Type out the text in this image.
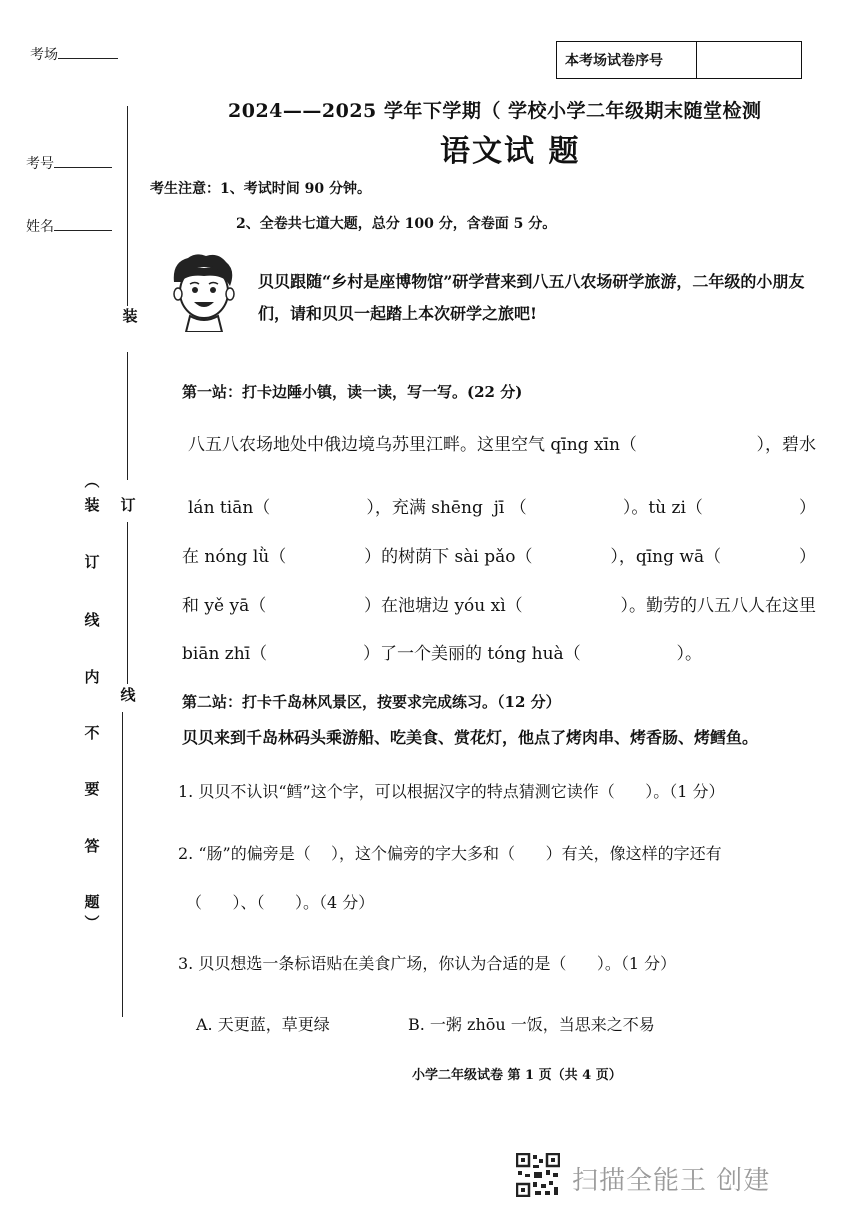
考场
考号
姓名
装
订
线
︵
装
订
线
内
不
要
答
题
︶
本考场试卷序号
2024——2025 学年下学期（ 学校小学二年级期末随堂检测
语文试 题
考生注意：1、考试时间 90 分钟。
2、全卷共七道大题，总分 100 分，含卷面 5 分。
贝贝跟随“乡村是座博物馆”研学营来到八五八农场研学旅游，二年级的小朋友们，请和贝贝一起踏上本次研学之旅吧!
第一站：打卡边陲小镇，读一读，写一写。(22 分)
八五八农场地处中俄边境乌苏里江畔。这里空气 qīng xīn（	），碧水
lán tiān（	），充满 shēng  jī （	）。tù zi（	）
在 nóng lǜ（	）的树荫下 sài pǎo（	），qīng wā（	）
和 yě yā（	）在池塘边 yóu xì（	）。勤劳的八五八人在这里
biān zhī（	）了一个美丽的 tóng huà（	）。
第二站：打卡千岛林风景区，按要求完成练习。（12 分）
贝贝来到千岛林码头乘游船、吃美食、赏花灯，他点了烤肉串、烤香肠、烤鳕鱼。
1. 贝贝不认识“鳕”这个字，可以根据汉字的特点猜测它读作（      ）。（1 分）
2. “肠”的偏旁是（    ），这个偏旁的字大多和（      ）有关，像这样的字还有
（      ）、（      ）。（4 分）
3. 贝贝想选一条标语贴在美食广场，你认为合适的是（      ）。（1 分）
A. 天更蓝，草更绿	B. 一粥 zhōu 一饭，当思来之不易
小学二年级试卷 第 1 页（共 4 页）
扫描全能王 创建
